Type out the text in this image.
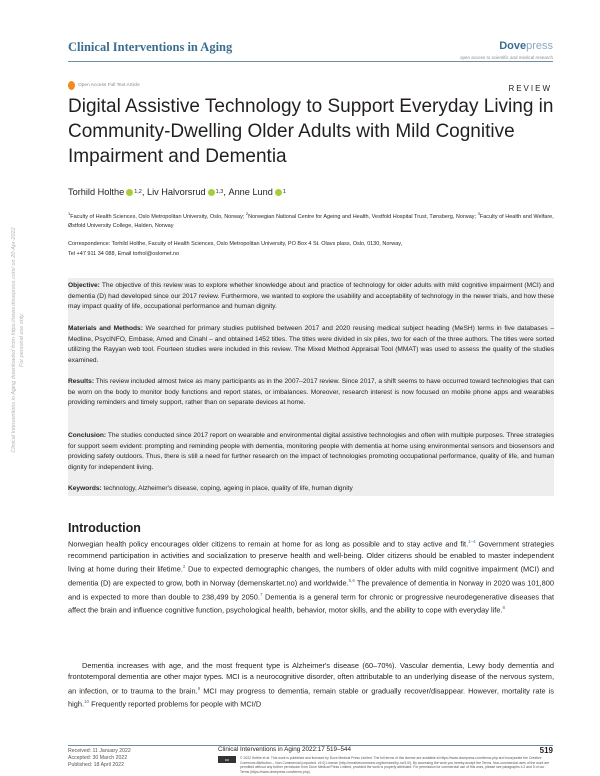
Clinical Interventions in Aging	Dovepress
open access to scientific and medical research
Open Access Full Text Article	REVIEW
Digital Assistive Technology to Support Everyday Living in Community-Dwelling Older Adults with Mild Cognitive Impairment and Dementia
Torhild Holthe 1,2 , Liv Halvorsrud 1,3 , Anne Lund 1
$^1$Faculty of Health Sciences, Oslo Metropolitan University, Oslo, Norway; $^2$Norwegian National Centre for Ageing and Health, Vestfold Hospital Trust, Tønsberg, Norway; $^3$Faculty of Health and Welfare, Østfold University College, Halden, Norway
Correspondence: Torhild Holthe, Faculty of Health Sciences, Oslo Metropolitan University, PO Box 4 St. Olavs plass, Oslo, 0130, Norway,
Tel +47 911 34 088, Email torhol@oslomet.no
Clinical Interventions in Aging downloaded from https://www.dovepress.com/ on 20-Apr-2022 For personal use only.

Objective: The objective of this review was to explore whether knowledge about and practice of technology for older adults with mild cognitive impairment (MCI) and dementia (D) had developed since our 2017 review. Furthermore, we wanted to explore the usability and acceptability of technology in the newer trials, and how these may impact quality of life, occupational performance and human dignity.

Materials and Methods: We searched for primary studies published between 2017 and 2020 reusing medical subject heading (MeSH) terms in five databases – Medline, PsycINFO, Embase, Amed and Cinahl – and obtained 1452 titles. The titles were divided in six piles, two for each of the three authors. The titles were sorted utilizing the Rayyan web tool. Fourteen studies were included in this review. The Mixed Method Appraisal Tool (MMAT) was used to assess the quality of the studies examined.

Results: This review included almost twice as many participants as in the 2007–2017 review. Since 2017, a shift seems to have occurred toward technologies that can be worn on the body to monitor body functions and report states, or imbalances. Moreover, research interest is now focused on mobile phone apps and wearables providing reminders and timely support, rather than on separate devices at home.

Conclusion: The studies conducted since 2017 report on wearable and environmental digital assistive technologies and often with multiple purposes. Three strategies for support seem evident: prompting and reminding people with dementia, monitoring people with dementia at home using environmental sensors and biosensors and providing safety outdoors. Thus, there is still a need for further research on the impact of technologies promoting occupational performance, quality of life, and human dignity for independent living.

Keywords: technology, Alzheimer's disease, coping, ageing in place, quality of life, human dignity

Introduction

Norwegian health policy encourages older citizens to remain at home for as long as possible and to stay active and fit.$^{1-4}$ Government strategies recommend participation in activities and socialization to preserve health and well-being. Older citizens should be enabled to master independent living at home during their lifetime.$^2$ Due to expected demographic changes, the numbers of older adults with mild cognitive impairment (MCI) and dementia (D) are expected to grow, both in Norway (demenskartet.no) and worldwide.$^{5,6}$ The prevalence of dementia in Norway in 2020 was 101,800 and is expected to more than double to 238,499 by 2050.$^7$ Dementia is a general term for chronic or progressive neurodegenerative diseases that affect the brain and influence cognitive function, psychological health, behavior, motor skills, and the ability to cope with everyday life.$^8$

Dementia increases with age, and the most frequent type is Alzheimer's disease (60–70%). Vascular dementia, Lewy body dementia and frontotemporal dementia are other major types. MCI is a neurocognitive disorder, often attributable to an underlying disease of the nervous system, an infection, or to trauma to the brain.$^9$ MCI may progress to dementia, remain stable or gradually recover/disappear. However, mortality rate is high.$^{10}$ Frequently reported problems for people with MCI/D

Received: 11 January 2022
Accepted: 30 March 2022
Published: 18 April 2022
Clinical Interventions in Aging 2022:17 519–544	519
cc	© 2022 Holthe et al. This work is published and licensed by Dove Medical Press Limited. The full terms of this license are available at https://www.dovepress.com/terms.php and incorporate the Creative Commons Attribution – Non Commercial (unported, v3.0) License (http://creativecommons.org/licenses/by-nc/3.0/). By accessing the work you hereby accept the Terms. Non-commercial uses of the work are permitted without any further permission from Dove Medical Press Limited, provided the work is properly attributed. For permission for commercial use of this work, please see paragraphs 4.2 and 5 of our Terms (https://www.dovepress.com/terms.php).
